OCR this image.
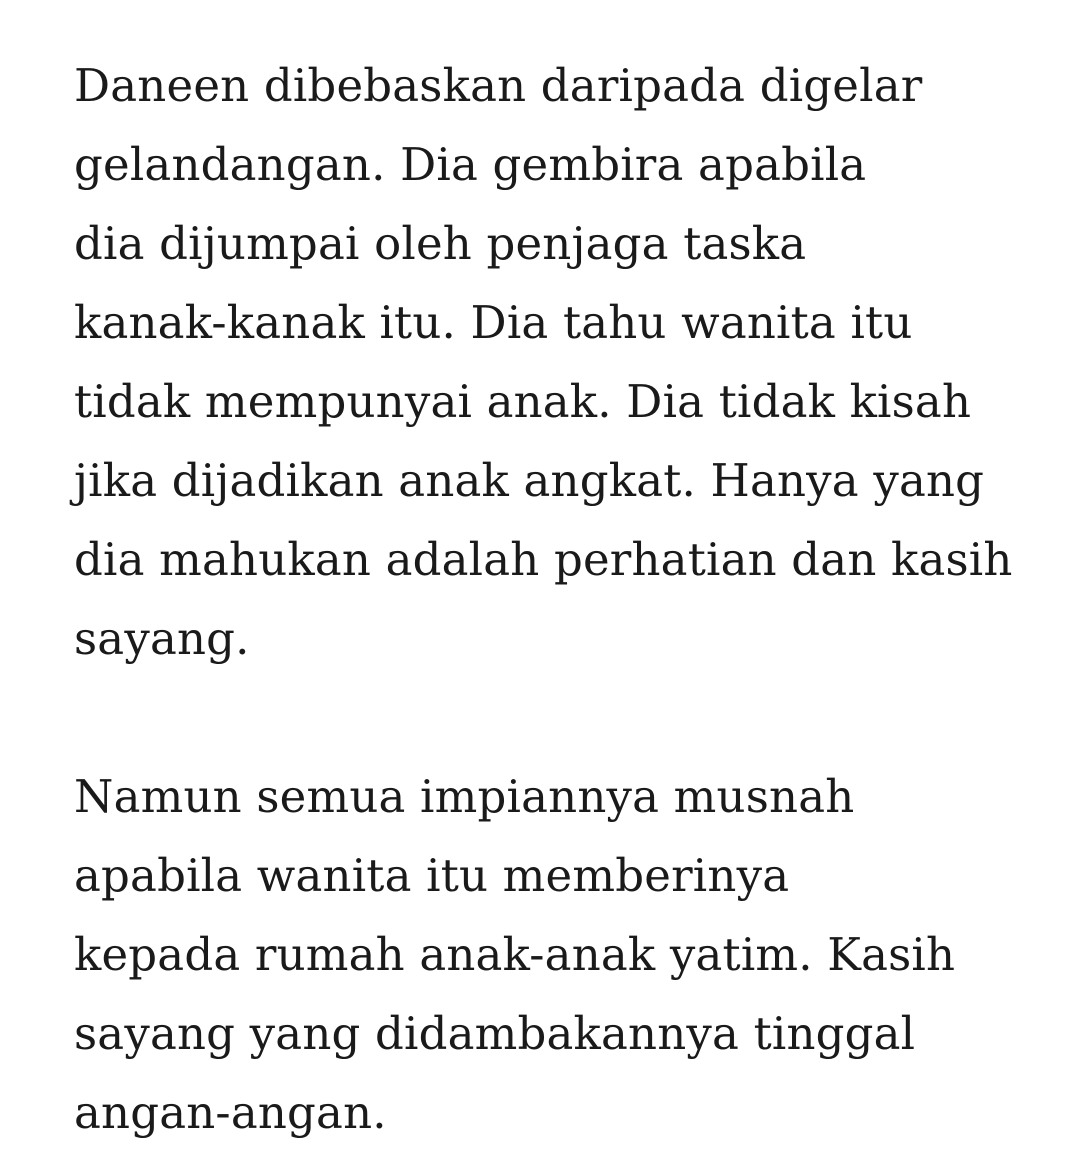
Daneen dibebaskan daripada digelar
gelandangan. Dia gembira apabila
dia dijumpai oleh penjaga taska
kanak-kanak itu. Dia tahu wanita itu
tidak mempunyai anak. Dia tidak kisah
jika dijadikan anak angkat. Hanya yang
dia mahukan adalah perhatian dan kasih
sayang.

Namun semua impiannya musnah
apabila wanita itu memberinya
kepada rumah anak-anak yatim. Kasih
sayang yang didambakannya tinggal
angan-angan.
